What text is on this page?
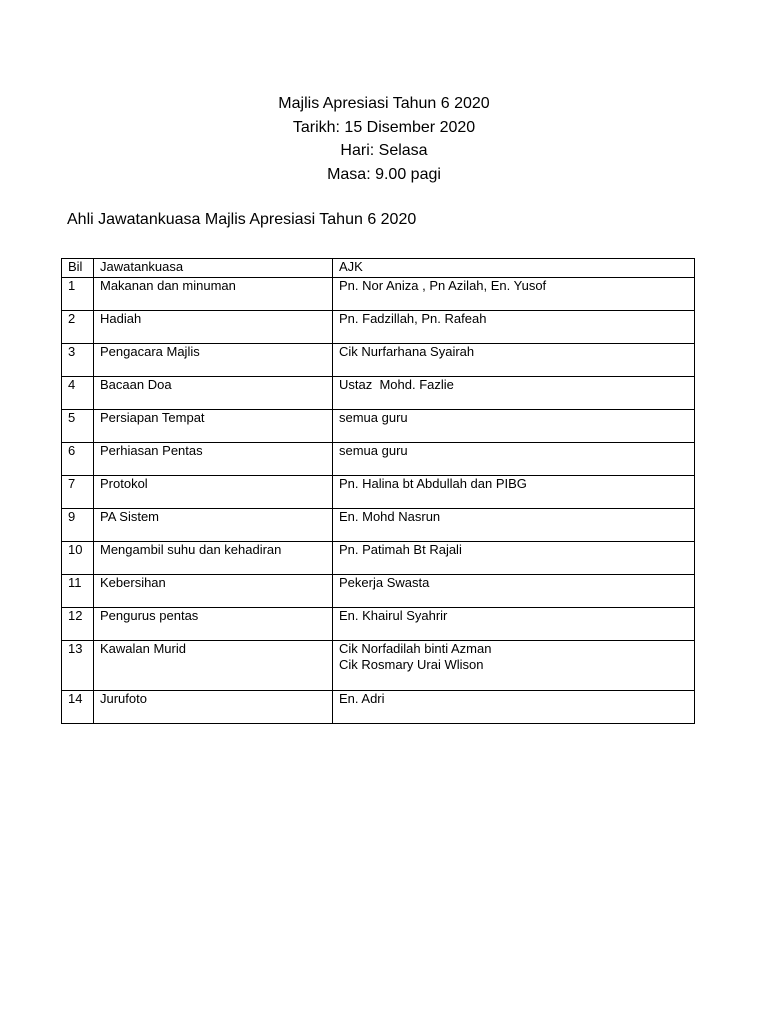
Majlis Apresiasi Tahun 6 2020
Tarikh: 15 Disember 2020
Hari: Selasa
Masa: 9.00 pagi
Ahli Jawatankuasa Majlis Apresiasi Tahun 6 2020
Bil	Jawatankuasa	AJK
1	Makanan dan minuman	Pn. Nor Aniza , Pn Azilah, En. Yusof

2	Hadiah	Pn. Fadzillah, Pn. Rafeah

3	Pengacara Majlis	Cik Nurfarhana Syairah

4	Bacaan Doa	Ustaz  Mohd. Fazlie

5	Persiapan Tempat	semua guru

6	Perhiasan Pentas	semua guru

7	Protokol	Pn. Halina bt Abdullah dan PIBG

9	PA Sistem	En. Mohd Nasrun

10	Mengambil suhu dan kehadiran	Pn. Patimah Bt Rajali

11	Kebersihan	Pekerja Swasta

12	Pengurus pentas	En. Khairul Syahrir

13	Kawalan Murid	Cik Norfadilah binti Azman
Cik Rosmary Urai Wlison

14	Jurufoto	En. Adri
